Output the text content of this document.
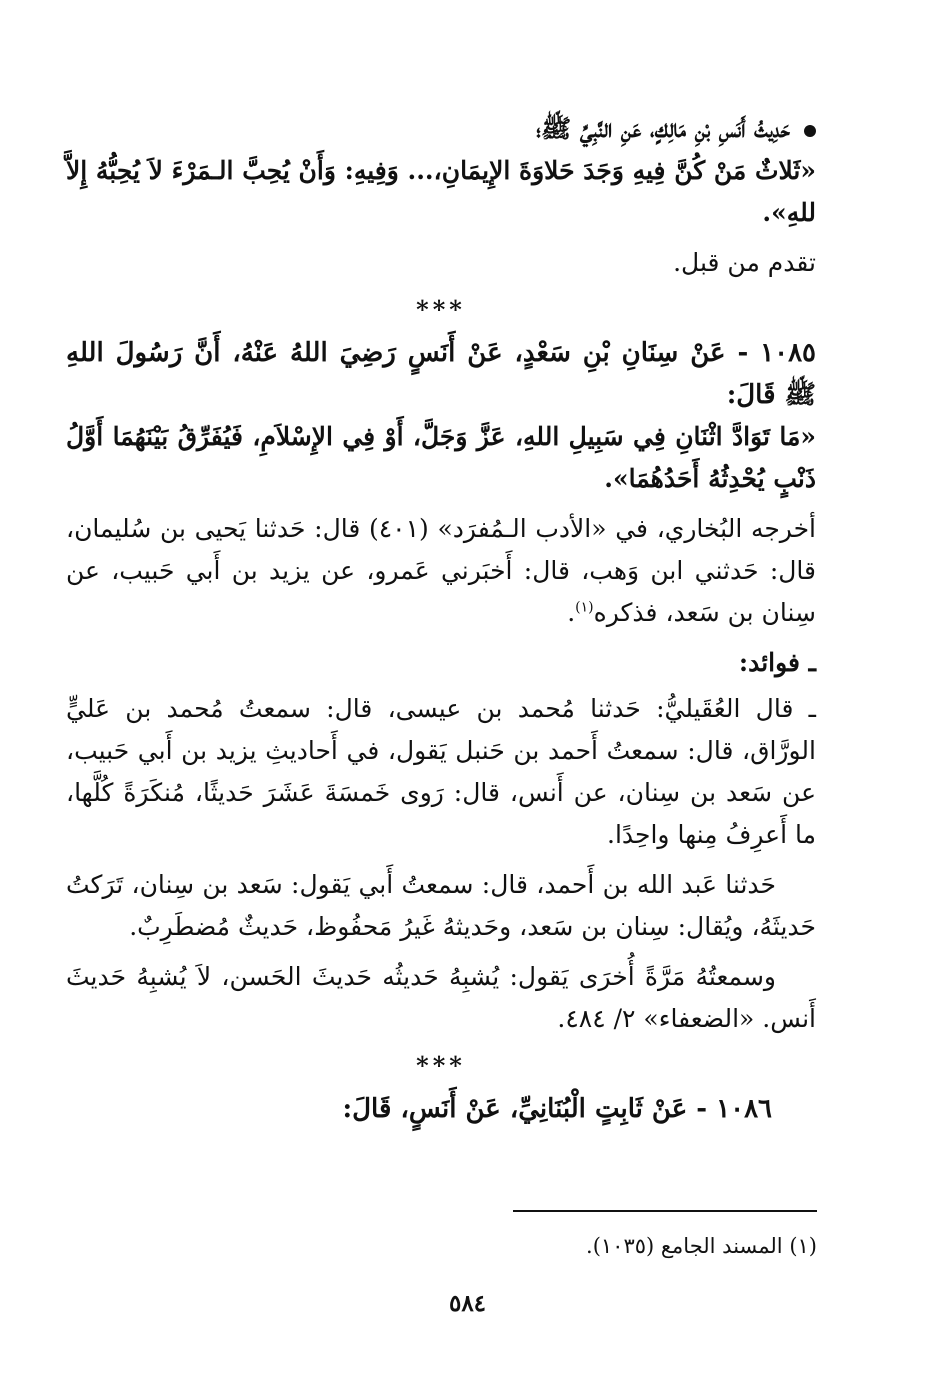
حَدِيثُ أَنَسِ بْنِ مَالِكٍ، عَنِ النَّبِيِّ ﷺ؛

«ثَلاثٌ مَنْ كُنَّ فِيهِ وَجَدَ حَلاوَةَ الإِيمَانِ،... وَفِيهِ: وَأَنْ يُحِبَّ الـمَرْءَ لاَ يُحِبُّهُ إِلاَّ للهِ».

تقدم من قبل.

***

١٠٨٥ - عَنْ سِنَانِ بْنِ سَعْدٍ، عَنْ أَنَسٍ رَضِيَ اللهُ عَنْهُ، أَنَّ رَسُولَ اللهِ ﷺ قَالَ:

«مَا تَوَادَّ اثْنَانِ فِي سَبِيلِ اللهِ، عَزَّ وَجَلَّ، أَوْ فِي الإِسْلاَمِ، فَيُفَرِّقُ بَيْنَهُمَا أَوَّلُ ذَنْبٍ يُحْدِثُهُ أَحَدُهُمَا».

أخرجه البُخاري، في «الأدب الـمُفرَد» (٤٠١) قال: حَدثنا يَحيى بن سُليمان، قال: حَدثني ابن وَهب، قال: أَخبَرني عَمرو، عن يزيد بن أَبي حَبيب، عن سِنان بن سَعد، فذكره$^{(١)}$.

ـ فوائد:

ـ قال العُقَيليُّ: حَدثنا مُحمد بن عيسى، قال: سمعتُ مُحمد بن عَليٍّ الورَّاق، قال: سمعتُ أَحمد بن حَنبل يَقول، في أَحاديثِ يزيد بن أَبي حَبيب، عن سَعد بن سِنان، عن أَنس، قال: رَوى خَمسَةَ عَشَرَ حَديثًا، مُنكَرَةً كُلَّها، ما أَعرِفُ مِنها واحِدًا.

حَدثنا عَبد الله بن أَحمد، قال: سمعتُ أَبي يَقول: سَعد بن سِنان، تَرَكتُ حَديثَهُ، ويُقال: سِنان بن سَعد، وحَديثهُ غَيرُ مَحفُوظ، حَديثٌ مُضطَرِبٌ.

وسمعتُهُ مَرَّةً أُخرَى يَقول: يُشبِهُ حَديثُه حَديثَ الحَسن، لاَ يُشبِهُ حَديثَ أَنس. «الضعفاء» ٢/ ٤٨٤.

***

١٠٨٦ - عَنْ ثَابِتٍ الْبُنَانِيِّ، عَنْ أَنَسٍ، قَالَ:

(١) المسند الجامع (١٠٣٥).
٥٨٤
